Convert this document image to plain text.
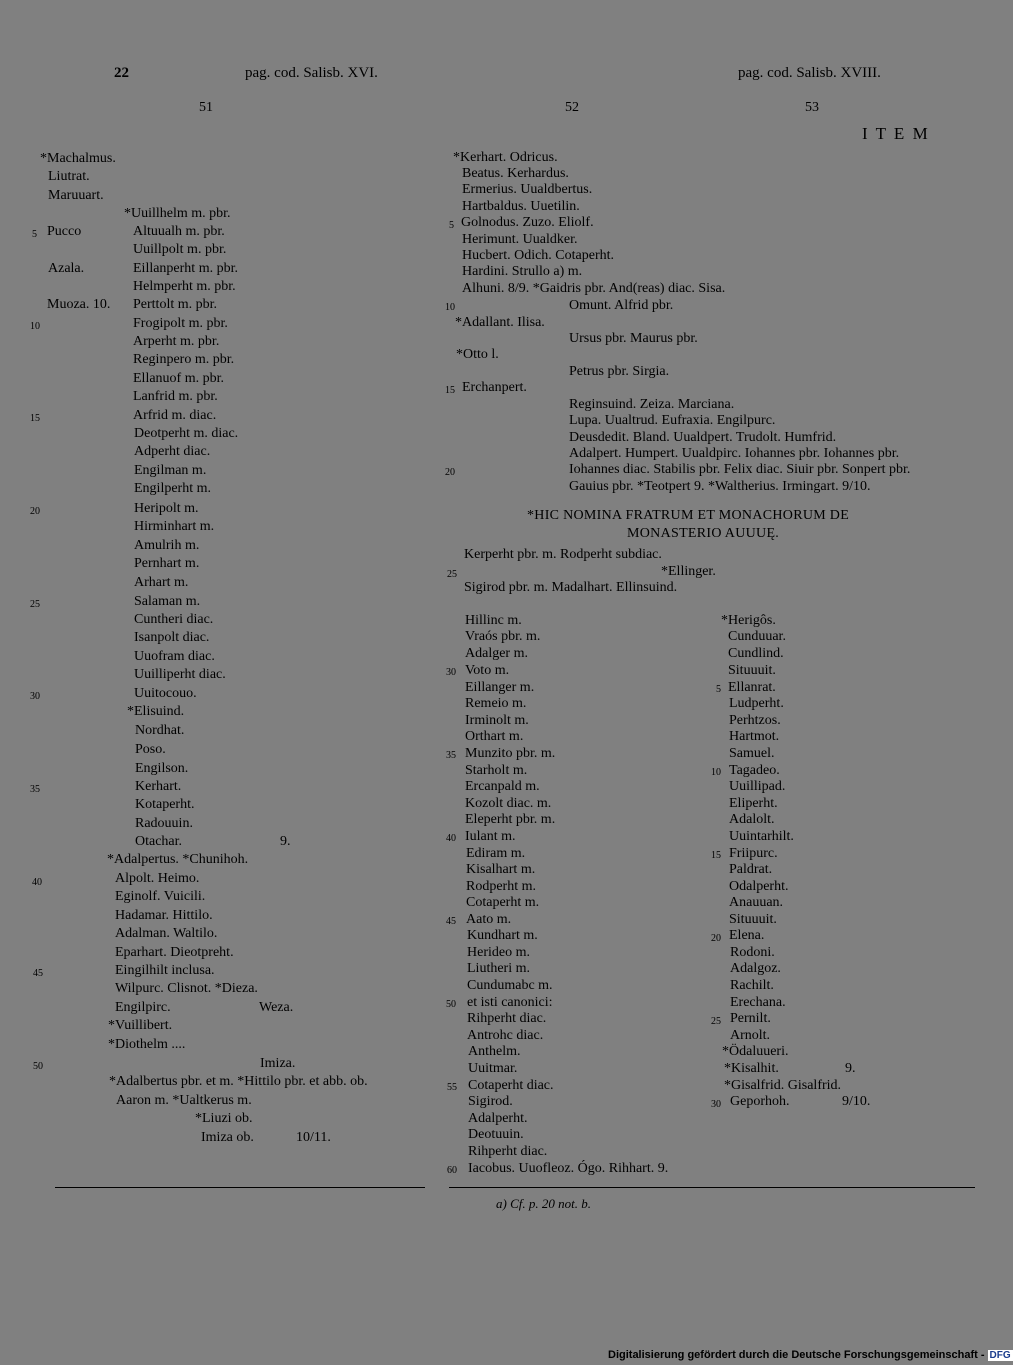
22	pag. cod. Salisb. XVI.	pag. cod. Salisb. XVIII.
51	52	53
I T E M
*Machalmus.
Liutrat.
Maruuart.
*Uuillhelm m. pbr.
Pucco	Altuualh m. pbr.
Uuillpolt m. pbr.
Azala.	Eillanperht m. pbr.
Helmperht m. pbr.
Muoza. 10. Perttolt m. pbr.
Frogipolt m. pbr.
Arperht m. pbr.
Reginpero m. pbr.
Ellanuof m. pbr.
Lanfrid m. pbr.
Arfrid m. diac.
Deotperht m. diac.
Adperht diac.
Engilman m.
Engilperht m.
Heripolt m.
Hirminhart m.
Amulrih m.
Pernhart m.
Arhart m.
Salaman m.
Cuntheri diac.
Isanpolt diac.
Uuofram diac.
Uuilliperht diac.
Uuitocouo.
*Elisuind.
Nordhat.
Poso.
Engilson.
Kerhart.
Kotaperht.
Radouuin.
Otachar.	9.
*Adalpertus. *Chunihoh.
Alpolt. Heimo.
Eginolf. Vuicili.
Hadamar. Hittilo.
Adalman. Waltilo.
Eparhart. Dieotpreht.
Eingilhilt inclusa.
Wilpurc. Clisnot. *Dieza.
Engilpirc.	Weza.
*Vuillibert.
*Diothelm ....
Imiza.
*Adalbertus pbr. et m. *Hittilo pbr. et abb. ob.
Aaron m. *Ualtkerus m.
*Liuzi ob.
Imiza ob.	10/11.
5
10
15
20
25
30
35
40
45
50
*Kerhart. Odricus.
Beatus. Kerhardus.
Ermerius. Uualdbertus.
Hartbaldus. Uuetilin.
Golnodus. Zuzo. Eliolf.
Herimunt. Uualdker.
Hucbert. Odich. Cotaperht.
Hardini. Strullo a) m.
Alhuni. 8/9. *Gaidris pbr. And(reas) diac. Sisa.
Omunt. Alfrid pbr.
*Adallant. Ilisa.
Ursus pbr. Maurus pbr.
*Otto l.
Petrus pbr. Sirgia.
Erchanpert.
Reginsuind. Zeiza. Marciana.
Lupa. Uualtrud. Eufraxia. Engilpurc.
Deusdedit. Bland. Uualdpert. Trudolt. Humfrid.
Adalpert. Humpert. Uualdpirc. Iohannes pbr. Iohannes pbr.
Iohannes diac. Stabilis pbr. Felix diac. Siuir pbr. Sonpert pbr.
Gauius pbr. *Teotpert 9. *Waltherius. Irmingart. 9/10.
5
10
15
20
*HIC NOMINA FRATRUM ET MONACHORUM DE
MONASTERIO AUUUĘ.
Kerperht pbr. m. Rodperht subdiac.
*Ellinger.
25
Sigirod pbr. m. Madalhart. Ellinsuind.
Hillinc m.
Vraós pbr. m.
Adalger m.
Voto m.
Eillanger m.
Remeio m.
Irminolt m.
Orthart m.
Munzito pbr. m.
Starholt m.
Ercanpald m.
Kozolt diac. m.
Eleperht pbr. m.
Iulant m.
Ediram m.
Kisalhart m.
Rodperht m.
Cotaperht m.
Aato m.
Kundhart m.
Herideo m.
Liutheri m.
Cundumabc m.
et isti canonici:
Rihperht diac.
Antrohc diac.
Anthelm.
Uuitmar.
Cotaperht diac.
Sigirod.
Adalperht.
Deotuuin.
Rihperht diac.
Iacobus. Uuofleoz. Ógo. Rihhart. 9.
30
35
40
45
50
55
60
*Herigôs.
Cunduuar.
Cundlind.
Situuuit.
Ellanrat.
Ludperht.
Perhtzos.
Hartmot.
Samuel.
Tagadeo.
Uuillipad.
Eliperht.
Adalolt.
Uuintarhilt.
Friipurc.
Paldrat.
Odalperht.
Anauuan.
Situuuit.
Elena.
Rodoni.
Adalgoz.
Rachilt.
Erechana.
Pernilt.
Arnolt.
*Ödaluueri.
*Kisalhit.	9.
*Gisalfrid. Gisalfrid.
Geporhoh.	9/10.
5
10
15
20
25
30
a) Cf. p. 20 not. b.
Digitalisierung gefördert durch die Deutsche Forschungsgemeinschaft - DFG
